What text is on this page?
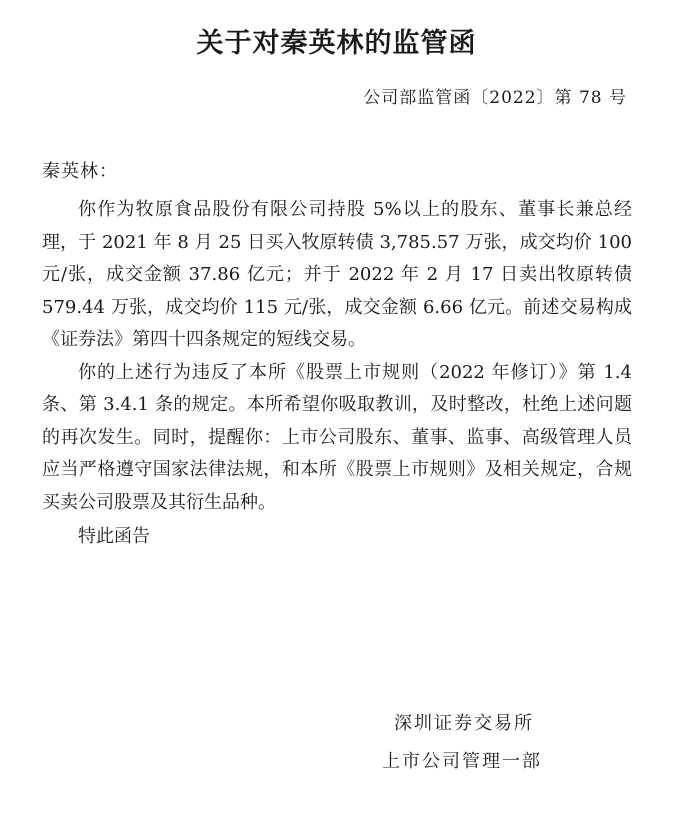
关于对秦英林的监管函
公司部监管函〔2022〕第 78 号
秦英林：

你作为牧原食品股份有限公司持股 5%以上的股东、董事长兼总经理，于 2021 年 8 月 25 日买入牧原转债 3,785.57 万张，成交均价 100 元/张，成交金额 37.86 亿元；并于 2022 年 2 月 17 日卖出牧原转债 579.44 万张，成交均价 115 元/张，成交金额 6.66 亿元。前述交易构成《证券法》第四十四条规定的短线交易。

你的上述行为违反了本所《股票上市规则（2022 年修订）》第 1.4 条、第 3.4.1 条的规定。本所希望你吸取教训，及时整改，杜绝上述问题的再次发生。同时，提醒你：上市公司股东、董事、监事、高级管理人员应当严格遵守国家法律法规，和本所《股票上市规则》及相关规定，合规买卖公司股票及其衍生品种。

特此函告

深圳证券交易所
上市公司管理一部
